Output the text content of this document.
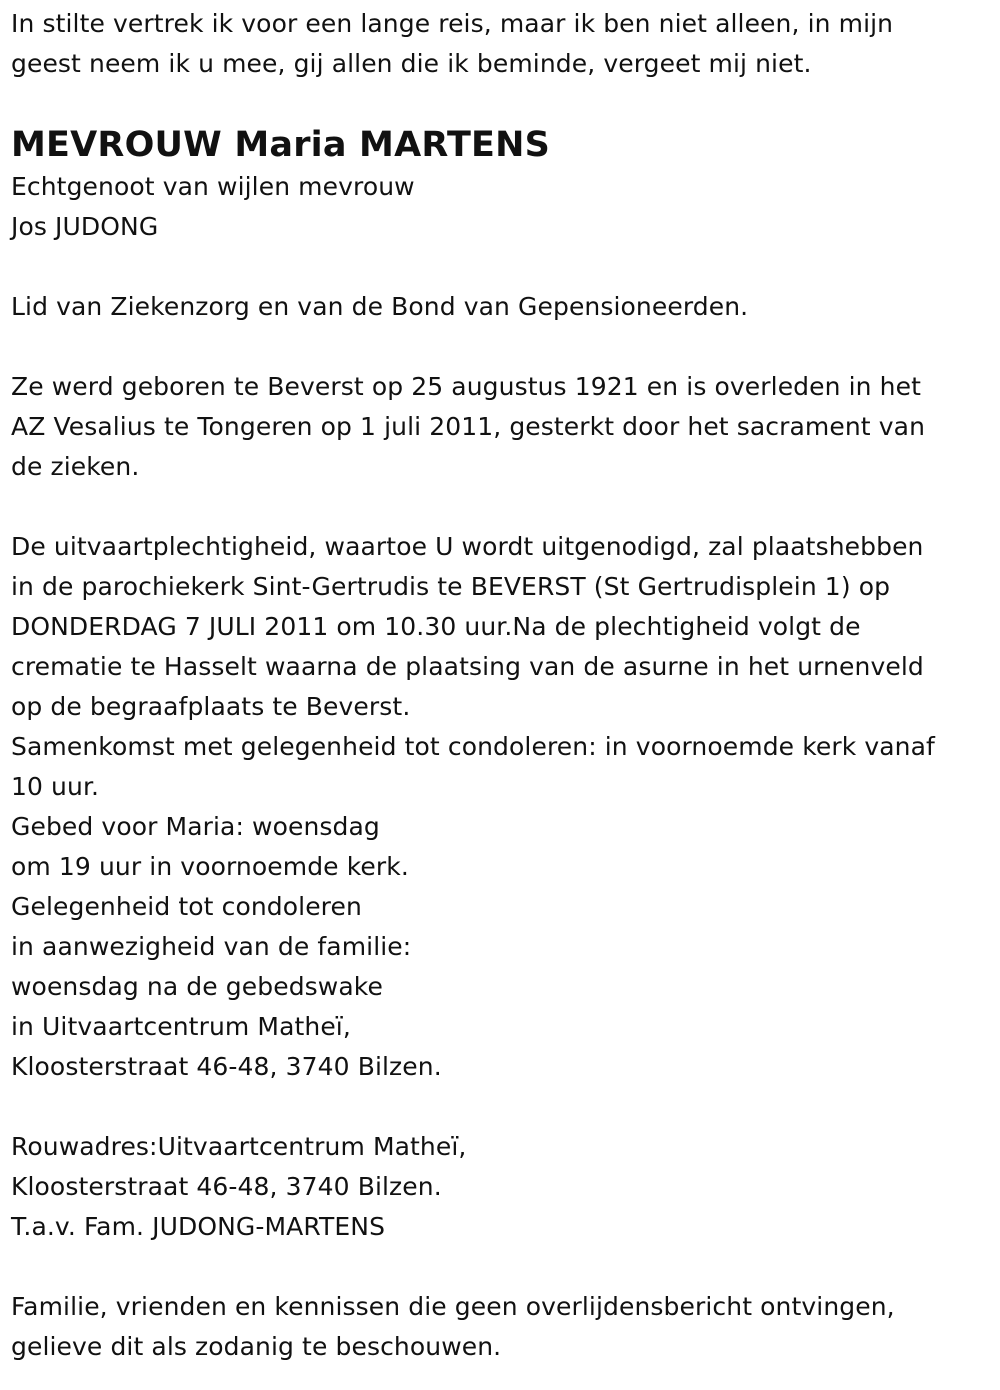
In stilte vertrek ik voor een lange reis, maar ik ben niet alleen, in mijn
geest neem ik u mee, gij allen die ik beminde, vergeet mij niet.
MEVROUW Maria MARTENS
Echtgenoot van wijlen mevrouw
Jos JUDONG
Lid van Ziekenzorg en van de Bond van Gepensioneerden.
Ze werd geboren te Beverst op 25 augustus 1921 en is overleden in het
AZ Vesalius te Tongeren op 1 juli 2011, gesterkt door het sacrament van
de zieken.
De uitvaartplechtigheid, waartoe U wordt uitgenodigd, zal plaatshebben
in de parochiekerk Sint-Gertrudis te BEVERST (St Gertrudisplein 1) op
DONDERDAG 7 JULI 2011 om 10.30 uur.Na de plechtigheid volgt de
crematie te Hasselt waarna de plaatsing van de asurne in het urnenveld
op de begraafplaats te Beverst.
Samenkomst met gelegenheid tot condoleren: in voornoemde kerk vanaf
10 uur.
Gebed voor Maria: woensdag
om 19 uur in voornoemde kerk.
Gelegenheid tot condoleren
in aanwezigheid van de familie:
woensdag na de gebedswake
in Uitvaartcentrum Matheï,
Kloosterstraat 46-48, 3740 Bilzen.
Rouwadres:Uitvaartcentrum Matheï,
Kloosterstraat 46-48, 3740 Bilzen.
T.a.v. Fam. JUDONG-MARTENS
Familie, vrienden en kennissen die geen overlijdensbericht ontvingen,
gelieve dit als zodanig te beschouwen.
